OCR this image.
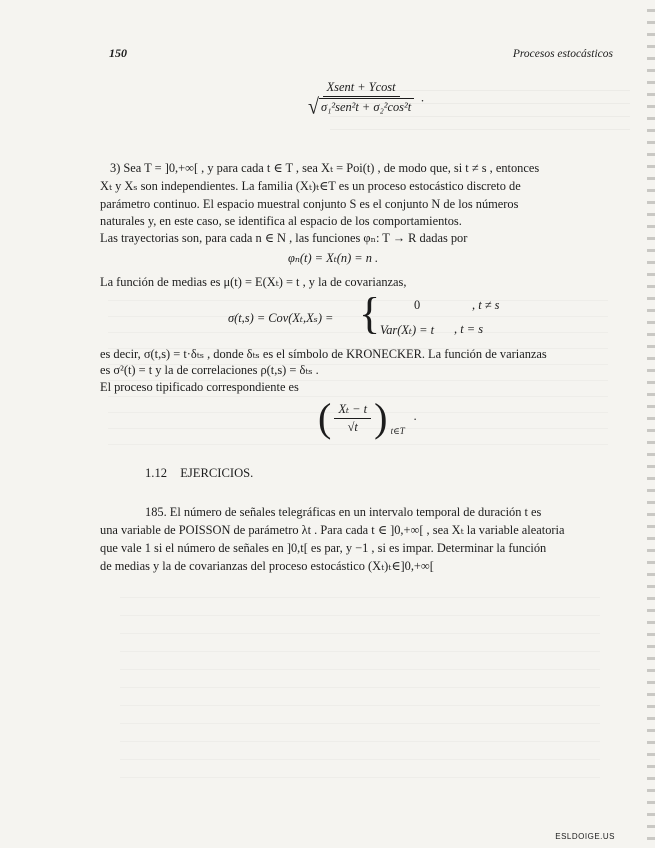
150	Procesos estocásticos
$\frac{\text{Xsent + Ycost}}{\text{√ σ₁²sen²t + σ₂²cos²t}}$ .
3) Sea T = ]0,+∞[ , y para cada t ∈ T , sea Xₜ = Poi(t) , de modo que, si t ≠ s , entonces
Xₜ y Xₛ son independientes. La familia (Xₜ)ₜ∈T es un proceso estocástico discreto de
parámetro continuo. El espacio muestral conjunto S es el conjunto N de los números
naturales y, en este caso, se identifica al espacio de los comportamientos.
Las trayectorias son, para cada n ∈ N , las funciones φₙ: T → R dadas por
φₙ(t) = Xₜ(n) = n .
La función de medias es μ(t) = E(Xₜ) = t , y la de covarianzas,
σ(t,s) = Cov(Xₜ,Xₛ) = {	0	, t ≠ s
Var(Xₜ) = t , t = s
es decir, σ(t,s) = t·δₜₛ , donde δₜₛ es el símbolo de KRONECKER. La función de varianzas
es σ²(t) = t y la de correlaciones ρ(t,s) = δₜₛ .
El proceso tipificado correspondiente es
( $\frac{\text{Xₜ − t}}{√t}$ ) $_{t\in T}$ .
1.12 EJERCICIOS.
185. El número de señales telegráficas en un intervalo temporal de duración t es
una variable de POISSON de parámetro λt . Para cada t ∈ ]0,+∞[ , sea Xₜ la variable aleatoria
que vale 1 si el número de señales en ]0,t[ es par, y −1 , si es impar. Determinar la función
de medias y la de covarianzas del proceso estocástico (Xₜ)ₜ∈]0,+∞[
ESLDOIGE.US
